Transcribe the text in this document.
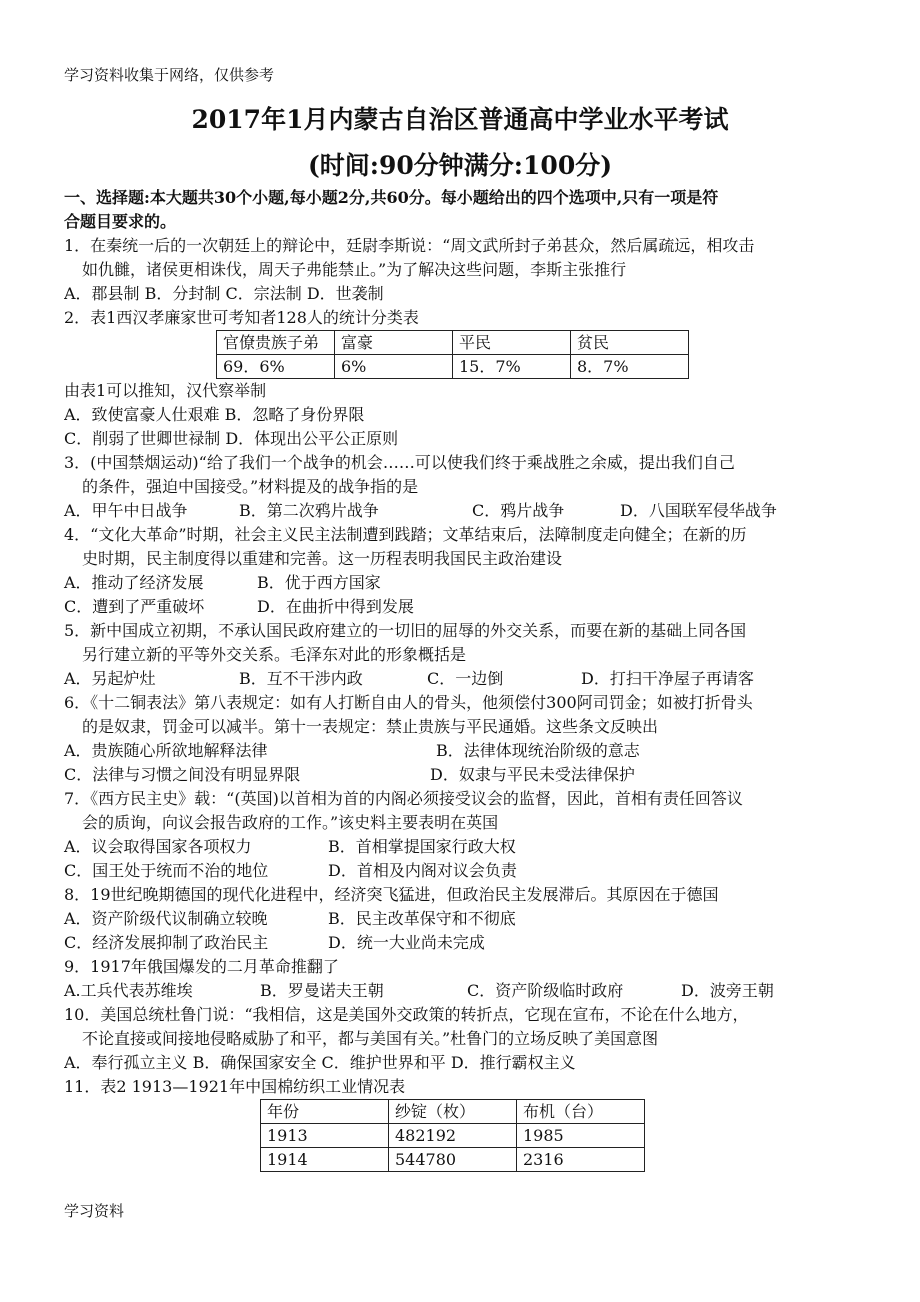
学习资料收集于网络，仅供参考
2017年1月内蒙古自治区普通高中学业水平考试
(时间:90分钟满分:100分)
一、选择题:本大题共30个小题,每小题2分,共60分。每小题给出的四个选项中,只有一项是符
合题目要求的。
1．在秦统一后的一次朝廷上的辩论中，廷尉李斯说：“周文武所封子弟甚众，然后属疏远，相攻击
如仇雠，诸侯更相诛伐，周天子弗能禁止。”为了解决这些问题，李斯主张推行
A．郡县制 B．分封制 C．宗法制 D．世袭制
2．表1西汉孝廉家世可考知者128人的统计分类表
官僚贵族子弟	富豪	平民	贫民
69．6%	6%	15．7%	8．7%
由表1可以推知，汉代察举制
A．致使富豪人仕艰难 B．忽略了身份界限
C．削弱了世卿世禄制 D．体现出公平公正原则
3．(中国禁烟运动)“给了我们一个战争的机会……可以使我们终于乘战胜之余威，提出我们自己
的条件，强迫中国接受。”材料提及的战争指的是
A．甲午中日战争	B．第二次鸦片战争	C．鸦片战争	D．八国联军侵华战争
4．“文化大革命”时期，社会主义民主法制遭到践踏；文革结束后，法障制度走向健全；在新的历
史时期，民主制度得以重建和完善。这一历程表明我国民主政治建设
A．推动了经济发展	B．优于西方国家
C．遭到了严重破坏	D．在曲折中得到发展
5．新中国成立初期，不承认国民政府建立的一切旧的屈辱的外交关系，而要在新的基础上同各国
另行建立新的平等外交关系。毛泽东对此的形象概括是
A．另起炉灶	B．互不干涉内政	C．一边倒	D．打扫干净屋子再请客
6．《十二铜表法》第八表规定：如有人打断自由人的骨头，他须偿付300阿司罚金；如被打折骨头
的是奴隶，罚金可以减半。第十一表规定：禁止贵族与平民通婚。这些条文反映出
A．贵族随心所欲地解释法律	B．法律体现统治阶级的意志
C．法律与习惯之间没有明显界限	D．奴隶与平民未受法律保护
7．《西方民主史》载：“(英国)以首相为首的内阁必须接受议会的监督，因此，首相有责任回答议
会的质询，向议会报告政府的工作。”该史料主要表明在英国
A．议会取得国家各项权力	B．首相掌提国家行政大权
C．国王处于统而不治的地位	D．首相及内阁对议会负责
8．19世纪晚期德国的现代化进程中，经济突飞猛进，但政治民主发展滞后。其原因在于德国
A．资产阶级代议制确立较晚	B．民主改革保守和不彻底
C．经济发展抑制了政治民主	D．统一大业尚未完成
9．1917年俄国爆发的二月革命推翻了
A.工兵代表苏维埃	B．罗曼诺夫王朝	C．资产阶级临时政府	D．波旁王朝
10．美国总统杜鲁门说：“我相信，这是美国外交政策的转折点，它现在宣布，不论在什么地方，
不论直接或间接地侵略威胁了和平，都与美国有关。”杜鲁门的立场反映了美国意图
A．奉行孤立主义 B．确保国家安全 C．维护世界和平 D．推行霸权主义
11．表2 1913—1921年中国棉纺织工业情况表
年份	纱锭（枚）	布机（台）
1913	482192	1985
1914	544780	2316
学习资料
